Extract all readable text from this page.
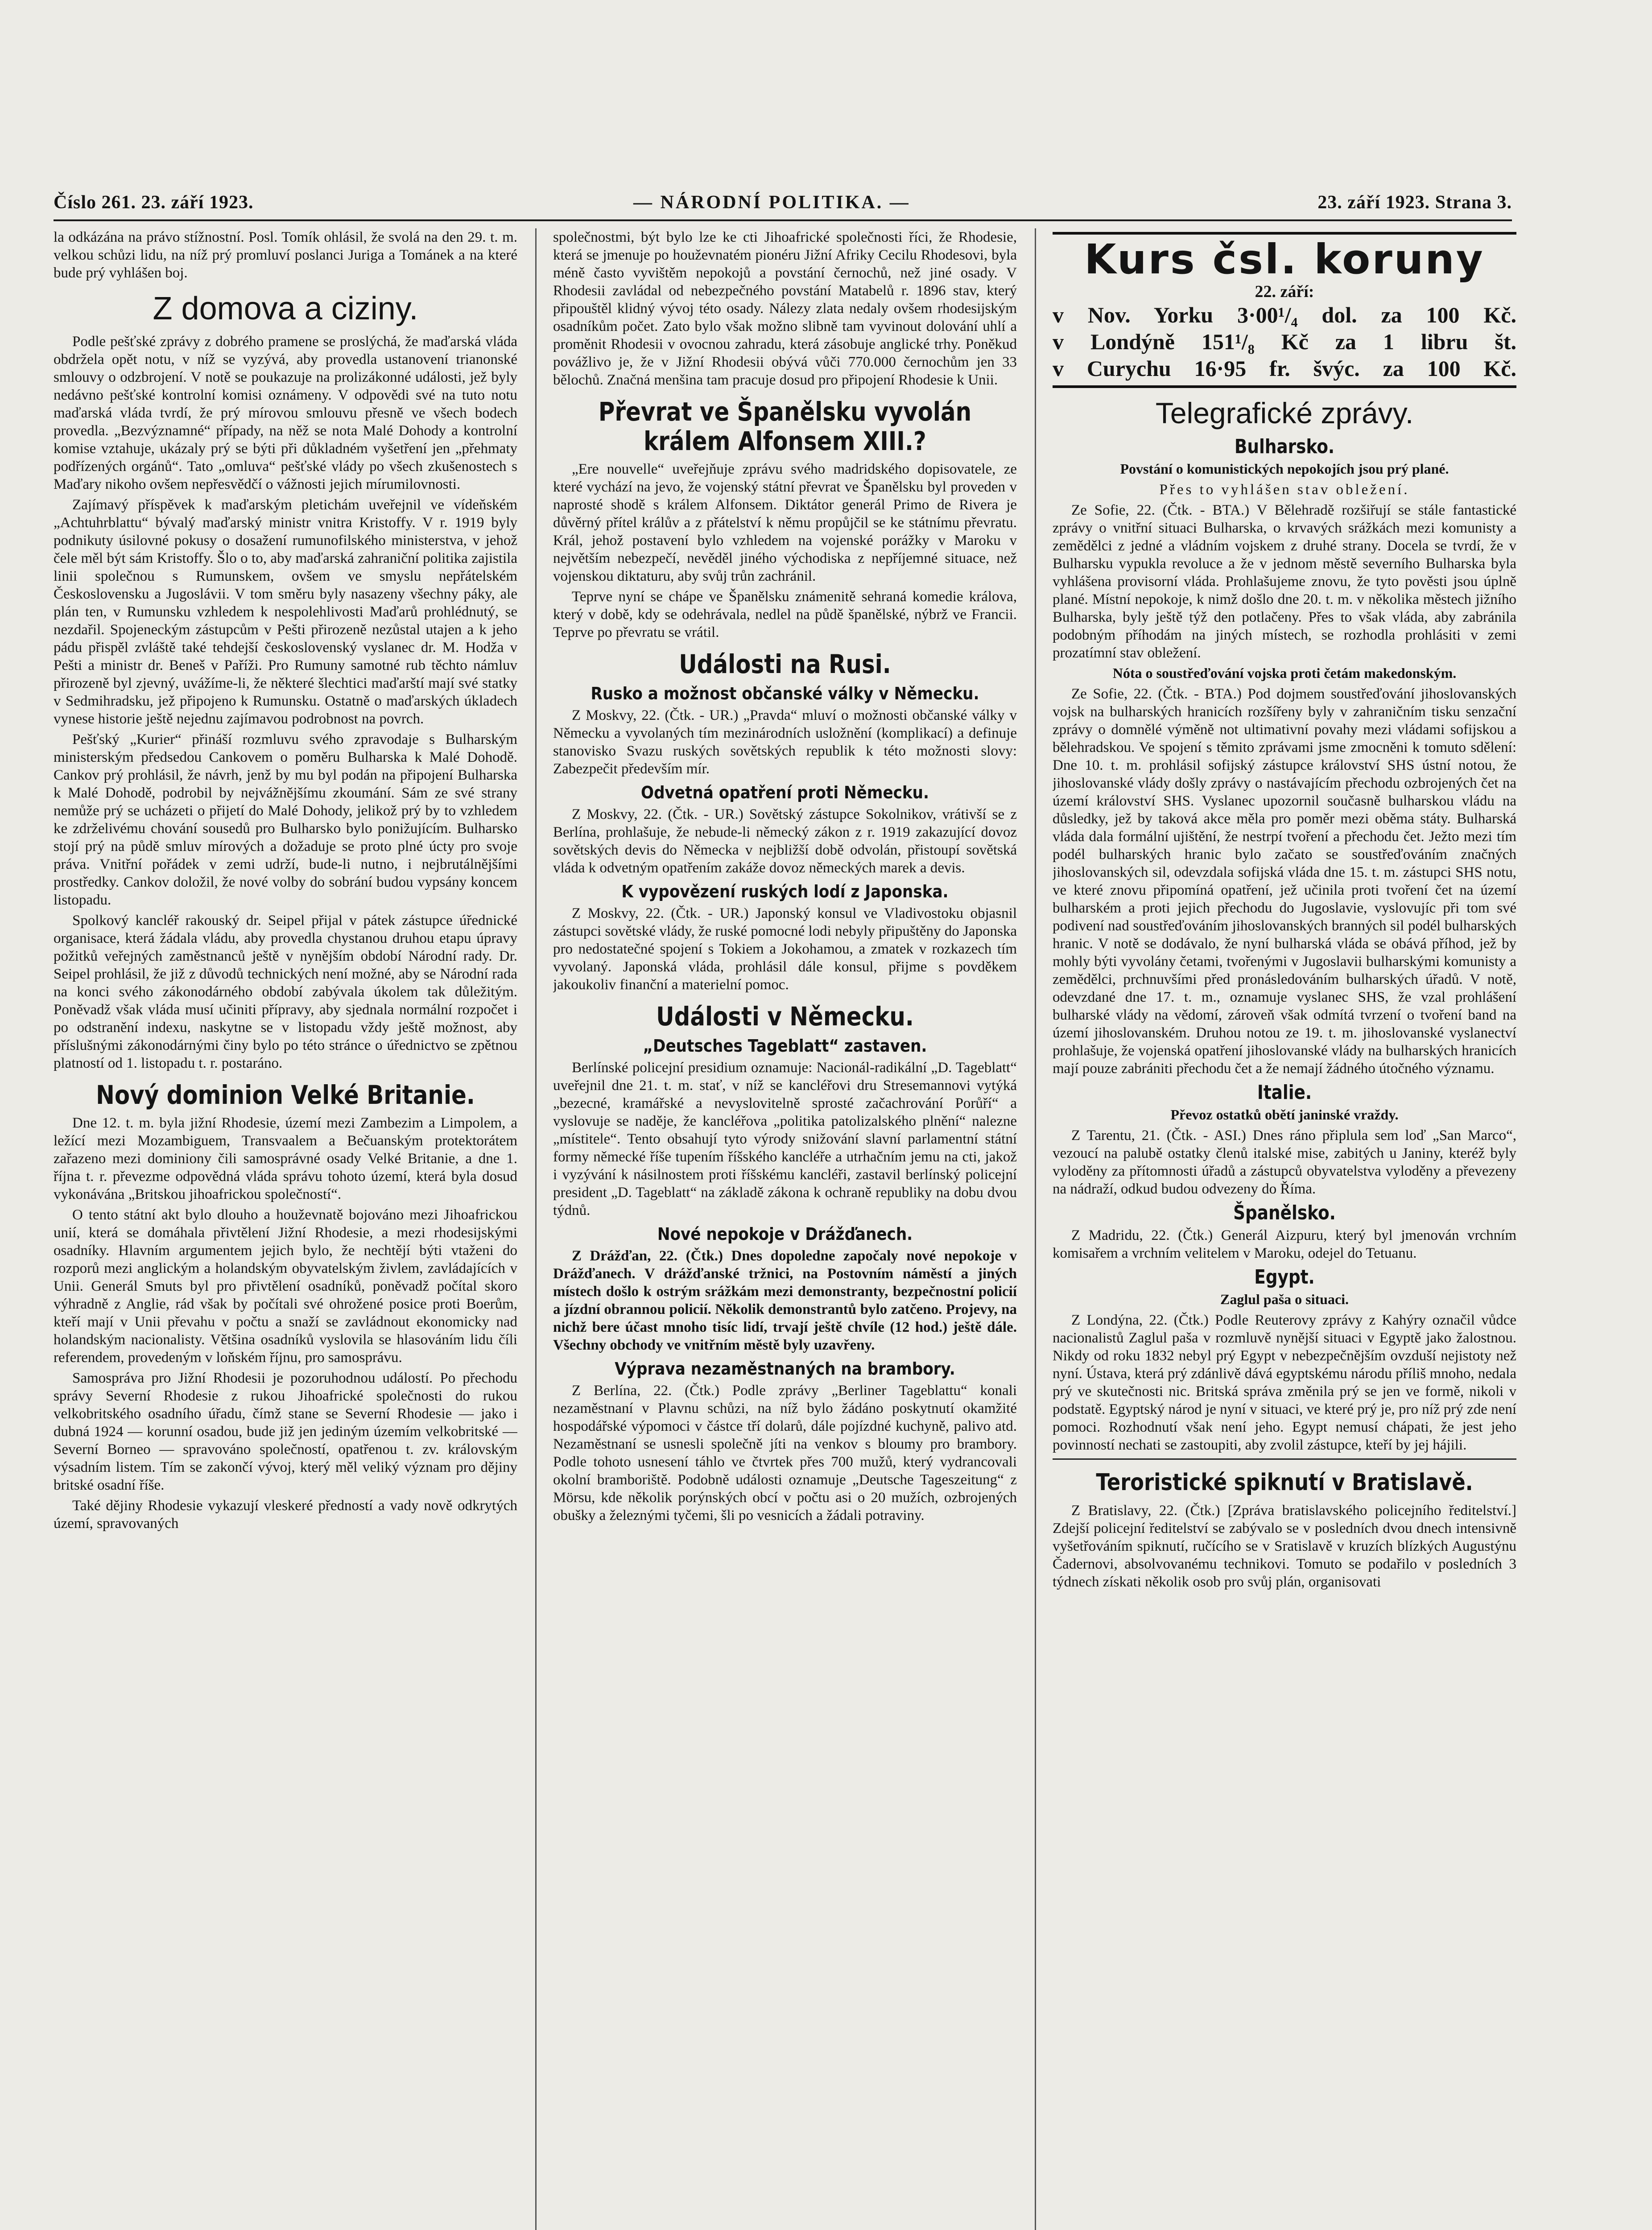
Číslo 261. 23. září 1923.	— NÁRODNÍ POLITIKA. —	23. září 1923. Strana 3.

la odkázána na právo stížnostní. Posl. Tomík ohlásil, že svolá na den 29. t. m. velkou schůzi lidu, na níž prý promluví poslanci Juriga a Tománek a na které bude prý vyhlášen boj.

Z domova a ciziny.

Podle pešťské zprávy z dobrého pramene se proslýchá, že maďarská vláda obdržela opět notu, v níž se vyzývá, aby provedla ustanovení trianonské smlouvy o odzbrojení. V notě se poukazuje na prolizákonné události, jež byly nedávno pešťské kontrolní komisi oznámeny. V odpovědi své na tuto notu maďarská vláda tvrdí, že prý mírovou smlouvu přesně ve všech bodech provedla. „Bezvýznamné“ případy, na něž se nota Malé Dohody a kontrolní komise vztahuje, ukázaly prý se býti při důkladném vyšetření jen „přehmaty podřízených orgánů“. Tato „omluva“ pešťské vlády po všech zkušenostech s Maďary nikoho ovšem nepřesvědčí o vážnosti jejich mírumilovnosti.

Zajímavý příspěvek k maďarským pletichám uveřejnil ve vídeňském „Achtuhrblattu“ bývalý maďarský ministr vnitra Kristoffy. V r. 1919 byly podnikuty úsilovné pokusy o dosažení rumunofilského ministerstva, v jehož čele měl být sám Kristoffy. Šlo o to, aby maďarská zahraniční politika zajistila linii společnou s Rumunskem, ovšem ve smyslu nepřátelském Československu a Jugoslávii. V tom směru byly nasazeny všechny páky, ale plán ten, v Rumunsku vzhledem k nespolehlivosti Maďarů prohlédnutý, se nezdařil. Spojeneckým zástupcům v Pešti přirozeně nezůstal utajen a k jeho pádu přispěl zvláště také tehdejší československý vyslanec dr. M. Hodža v Pešti a ministr dr. Beneš v Paříži. Pro Rumuny samotné rub těchto námluv přirozeně byl zjevný, uvážíme-li, že některé šlechtici maďarští mají své statky v Sedmihradsku, jež připojeno k Rumunsku. Ostatně o maďarských úkladech vynese historie ještě nejednu zajímavou podrobnost na povrch.

Pešťský „Kurier“ přináší rozmluvu svého zpravodaje s Bulharským ministerským předsedou Cankovem o poměru Bulharska k Malé Dohodě. Cankov prý prohlásil, že návrh, jenž by mu byl podán na připojení Bulharska k Malé Dohodě, podrobil by nejvážnějšímu zkoumání. Sám ze své strany nemůže prý se ucházeti o přijetí do Malé Dohody, jelikož prý by to vzhledem ke zdrželivému chování sousedů pro Bulharsko bylo ponižujícím. Bulharsko stojí prý na půdě smluv mírových a dožaduje se proto plné úcty pro svoje práva. Vnitřní pořádek v zemi udrží, bude-li nutno, i nejbrutálnějšími prostředky. Cankov doložil, že nové volby do sobrání budou vypsány koncem listopadu.

Spolkový kancléř rakouský dr. Seipel přijal v pátek zástupce úřednické organisace, která žádala vládu, aby provedla chystanou druhou etapu úpravy požitků veřejných zaměstnanců ještě v nynějším období Národní rady. Dr. Seipel prohlásil, že již z důvodů technických není možné, aby se Národní rada na konci svého zákonodárného období zabývala úkolem tak důležitým. Poněvadž však vláda musí učiniti přípravy, aby sjednala normální rozpočet i po odstranění indexu, naskytne se v listopadu vždy ještě možnost, aby příslušnými zákonodárnými činy bylo po této stránce o úřednictvo se zpětnou platností od 1. listopadu t. r. postaráno.

Nový dominion Velké Britanie.

Dne 12. t. m. byla jižní Rhodesie, území mezi Zambezim a Limpolem, a ležící mezi Mozambiguem, Transvaalem a Bečuanským protektorátem zařazeno mezi dominiony čili samosprávné osady Velké Britanie, a dne 1. října t. r. převezme odpovědná vláda správu tohoto území, která byla dosud vykonávána „Britskou jihoafrickou společností“.

O tento státní akt bylo dlouho a houževnatě bojováno mezi Jihoafrickou unií, která se domáhala přivtělení Jižní Rhodesie, a mezi rhodesijskými osadníky. Hlavním argumentem jejich bylo, že nechtějí býti vtaženi do rozporů mezi anglickým a holandským obyvatelským živlem, zavládajících v Unii. Generál Smuts byl pro přivtělení osadníků, poněvadž počítal skoro výhradně z Anglie, rád však by počítali své ohrožené posice proti Boerům, kteří mají v Unii převahu v počtu a snaží se zavládnout ekonomicky nad holandským nacionalisty. Většina osadníků vyslovila se hlasováním lidu číli referendem, provedeným v loňském říjnu, pro samosprávu.

Samospráva pro Jižní Rhodesii je pozoruhodnou událostí. Po přechodu správy Severní Rhodesie z rukou Jihoafrické společnosti do rukou velkobritského osadního úřadu, čímž stane se Severní Rhodesie — jako i dubná 1924 — korunní osadou, bude již jen jediným územím velkobritské — Severní Borneo — spravováno společností, opatřenou t. zv. královským výsadním listem. Tím se zakončí vývoj, který měl veliký význam pro dějiny britské osadní říše.

Také dějiny Rhodesie vykazují vleskeré předností a vady nově odkrytých území, spravovaných

společnostmi, být bylo lze ke cti Jihoafrické společnosti říci, že Rhodesie, která se jmenuje po houževnatém pionéru Jižní Afriky Cecilu Rhodesovi, byla méně často vyvištěm nepokojů a povstání černochů, než jiné osady. V Rhodesii zavládal od nebezpečného povstání Matabelů r. 1896 stav, který připouštěl klidný vývoj této osady. Nálezy zlata nedaly ovšem rhodesijským osadníkům počet. Zato bylo však možno slibně tam vyvinout dolování uhlí a proměnit Rhodesii v ovocnou zahradu, která zásobuje anglické trhy. Poněkud povážlivo je, že v Jižní Rhodesii obývá vůči 770.000 černochům jen 33 bělochů. Značná menšina tam pracuje dosud pro připojení Rhodesie k Unii.

Převrat ve Španělsku vyvolán králem Alfonsem XIII.?

„Ere nouvelle“ uveřejňuje zprávu svého madridského dopisovatele, ze které vychází na jevo, že vojenský státní převrat ve Španělsku byl proveden v naprosté shodě s králem Alfonsem. Diktátor generál Primo de Rivera je důvěrný přítel králův a z přátelství k němu propůjčil se ke státnímu převratu. Král, jehož postavení bylo vzhledem na vojenské porážky v Maroku v největším nebezpečí, nevěděl jiného východiska z nepříjemné situace, než vojenskou diktaturu, aby svůj trůn zachránil.

Teprve nyní se chápe ve Španělsku známenitě sehraná komedie králova, který v době, kdy se odehrávala, nedlel na půdě španělské, nýbrž ve Francii. Teprve po převratu se vrátil.

Události na Rusi.
Rusko a možnost občanské války v Německu.

Z Moskvy, 22. (Čtk. - UR.) „Pravda“ mluví o možnosti občanské války v Německu a vyvolaných tím mezinárodních usložnění (komplikací) a definuje stanovisko Svazu ruských sovětských republik k této možnosti slovy: Zabezpečit především mír.

Odvetná opatření proti Německu.

Z Moskvy, 22. (Čtk. - UR.) Sovětský zástupce Sokolnikov, vrátivší se z Berlína, prohlašuje, že nebude-li německý zákon z r. 1919 zakazující dovoz sovětských devis do Německa v nejbližší době odvolán, přistoupí sovětská vláda k odvetným opatřením zakáže dovoz německých marek a devis.

K vypovězení ruských lodí z Japonska.

Z Moskvy, 22. (Čtk. - UR.) Japonský konsul ve Vladivostoku objasnil zástupci sovětské vlády, že ruské pomocné lodi nebyly připuštěny do Japonska pro nedostatečné spojení s Tokiem a Jokohamou, a zmatek v rozkazech tím vyvolaný. Japonská vláda, prohlásil dále konsul, přijme s povděkem jakoukoliv finanční a materielní pomoc.

Události v Německu.
„Deutsches Tageblatt“ zastaven.

Berlínské policejní presidium oznamuje: Nacionál-radikální „D. Tageblatt“ uveřejnil dne 21. t. m. stať, v níž se kancléřovi dru Stresemannovi vytýká „bezecné, kramářské a nevyslovitelně sprosté začachrování Porůří“ a vyslovuje se naděje, že kancléřova „politika patolizalského plnění“ nalezne „místitele“. Tento obsahují tyto výrody snižování slavní parlamentní státní formy německé říše tupením říšského kancléře a utrhačním jemu na cti, jakož i vyzývání k násilnostem proti říšskému kancléři, zastavil berlínský policejní president „D. Tageblatt“ na základě zákona k ochraně republiky na dobu dvou týdnů.

Nové nepokoje v Drážďanech.

Z Drážďan, 22. (Čtk.) Dnes dopoledne započaly nové nepokoje v Drážďanech. V drážďanské tržnici, na Postovním náměstí a jiných místech došlo k ostrým srážkám mezi demonstranty, bezpečnostní policií a jízdní obrannou policií. Několik demonstrantů bylo zatčeno. Projevy, na nichž bere účast mnoho tisíc lidí, trvají ještě chvíle (12 hod.) ještě dále. Všechny obchody ve vnitřním městě byly uzavřeny.

Výprava nezaměstnaných na brambory.

Z Berlína, 22. (Čtk.) Podle zprávy „Berliner Tageblattu“ konali nezaměstnaní v Plavnu schůzi, na níž bylo žádáno poskytnutí okamžité hospodářské výpomoci v částce tří dolarů, dále pojízdné kuchyně, palivo atd. Nezaměstnaní se usnesli společně jíti na venkov s bloumy pro brambory. Podle tohoto usnesení táhlo ve čtvrtek přes 700 mužů, který vydrancovali okolní bramboriště. Podobně události oznamuje „Deutsche Tageszeitung“ z Mörsu, kde několik porýnských obcí v počtu asi o 20 mužích, ozbrojených obušky a železnými tyčemi, šli po vesnicích a žádali potraviny.

Kurs čsl. koruny
22. září:
v Nov. Yorku 3·00¹/₄ dol. za 100 Kč.
v Londýně 151¹/₈ Kč za 1 libru št.
v Curychu 16·95 fr. šv͏ýc. za 100 Kč.
Telegrafické zprávy.
Bulharsko.
Povstání o komunistických nepokojích jsou prý plané.

Přes to vyhlášen stav obležení.

Ze Sofie, 22. (Čtk. - BTA.) V Bělehradě rozšiřují se stále fantastické zprávy o vnitřní situaci Bulharska, o krvavých srážkách mezi komunisty a zemědělci z jedné a vládním vojskem z druhé strany. Docela se tvrdí, že v Bulharsku vypukla revoluce a že v jednom městě severního Bulharska byla vyhlášena provisorní vláda. Prohlašujeme znovu, že tyto pověsti jsou úplně plané. Místní nepokoje, k nimž došlo dne 20. t. m. v několika městech jižního Bulharska, byly ještě týž den potlačeny. Přes to však vláda, aby zabránila podobným příhodám na jiných místech, se rozhodla prohlásiti v zemi prozatímní stav obležení.

Nóta o soustřeďování vojska proti četám makedonským.

Ze Sofie, 22. (Čtk. - BTA.) Pod dojmem soustřeďování jihoslovanských vojsk na bulharských hranicích rozšířeny byly v zahraničním tisku senzační zprávy o domnělé výměně not ultimativní povahy mezi vládami sofijskou a bělehradskou. Ve spojení s těmito zprávami jsme zmocněni k tomuto sdělení: Dne 10. t. m. prohlásil sofijský zástupce království SHS ústní notou, že jihoslovanské vlády došly zprávy o nastávajícím přechodu ozbrojených čet na území království SHS. Vyslanec upozornil současně bulharskou vládu na důsledky, jež by taková akce měla pro poměr mezi oběma státy. Bulharská vláda dala formální ujištění, že nestrpí tvoření a přechodu čet. Ježto mezi tím podél bulharských hranic bylo začato se soustřeďováním značných jihoslovanských sil, odevzdala sofijská vláda dne 15. t. m. zástupci SHS notu, ve které znovu připomíná opatření, jež učinila proti tvoření čet na území bulharském a proti jejich přechodu do Jugoslavie, vyslovujíc při tom své podivení nad soustřeďováním jihoslovanských branných sil podél bulharských hranic. V notě se dodávalo, že nyní bulharská vláda se obává příhod, jež by mohly býti vyvolány četami, tvořenými v Jugoslavii bulharskými komunisty a zemědělci, prchnuvšími před pronásledováním bulharských úřadů. V notě, odevzdané dne 17. t. m., oznamuje vyslanec SHS, že vzal prohlášení bulharské vlády na vědomí, zároveň však odmítá tvrzení o tvoření band na území jihoslovanském. Druhou notou ze 19. t. m. jihoslovanské vyslanectví prohlašuje, že vojenská opatření jihoslovanské vlády na bulharských hranicích mají pouze zabrániti přechodu čet a že nemají žádného útočného významu.

Italie.
Převoz ostatků obětí janinské vraždy.

Z Tarentu, 21. (Čtk. - ASI.) Dnes ráno připlula sem loď „San Marco“, vezoucí na palubě ostatky členů italské mise, zabitých u Janiny, kteréž byly vyloděny za přítomnosti úřadů a zástupců obyvatelstva vyloděny a převezeny na nádraží, odkud budou odvezeny do Říma.

Španělsko.

Z Madridu, 22. (Čtk.) Generál Aizpuru, který byl jmenován vrchním komisařem a vrchním velitelem v Maroku, odejel do Tetuanu.

Egypt.
Zaglul paša o situaci.

Z Londýna, 22. (Čtk.) Podle Reuterovy zprávy z Kahýry označil vůdce nacionalistů Zaglul paša v rozmluvě nynější situaci v Egyptě jako žalostnou. Nikdy od roku 1832 nebyl prý Egypt v nebezpečnějším ovzduší nejistoty než nyní. Ústava, která prý zdánlivě dává egyptskému národu příliš mnoho, nedala prý ve skutečnosti nic. Britská správa změnila prý se jen ve formě, nikoli v podstatě. Egyptský národ je nyní v situaci, ve které prý je, pro níž prý zde není pomoci. Rozhodnutí však není jeho. Egypt nemusí chápati, že jest jeho povinností nechati se zastoupiti, aby zvolil zástupce, kteří by jej hájili.

Teroristické spiknutí v Bratislavě.

Z Bratislavy, 22. (Čtk.) [Zpráva bratislavského policejního ředitelství.] Zdejší policejní ředitelství se zabývalo se v posledních dvou dnech intensivně vyšetřováním spiknutí, ručícího se v Sratislavě v kruzích blízkých Augustýnu Čadernovi, absolvovanému technikovi. Tomuto se podařilo v posledních 3 týdnech získati několik osob pro svůj plán, organisovati
